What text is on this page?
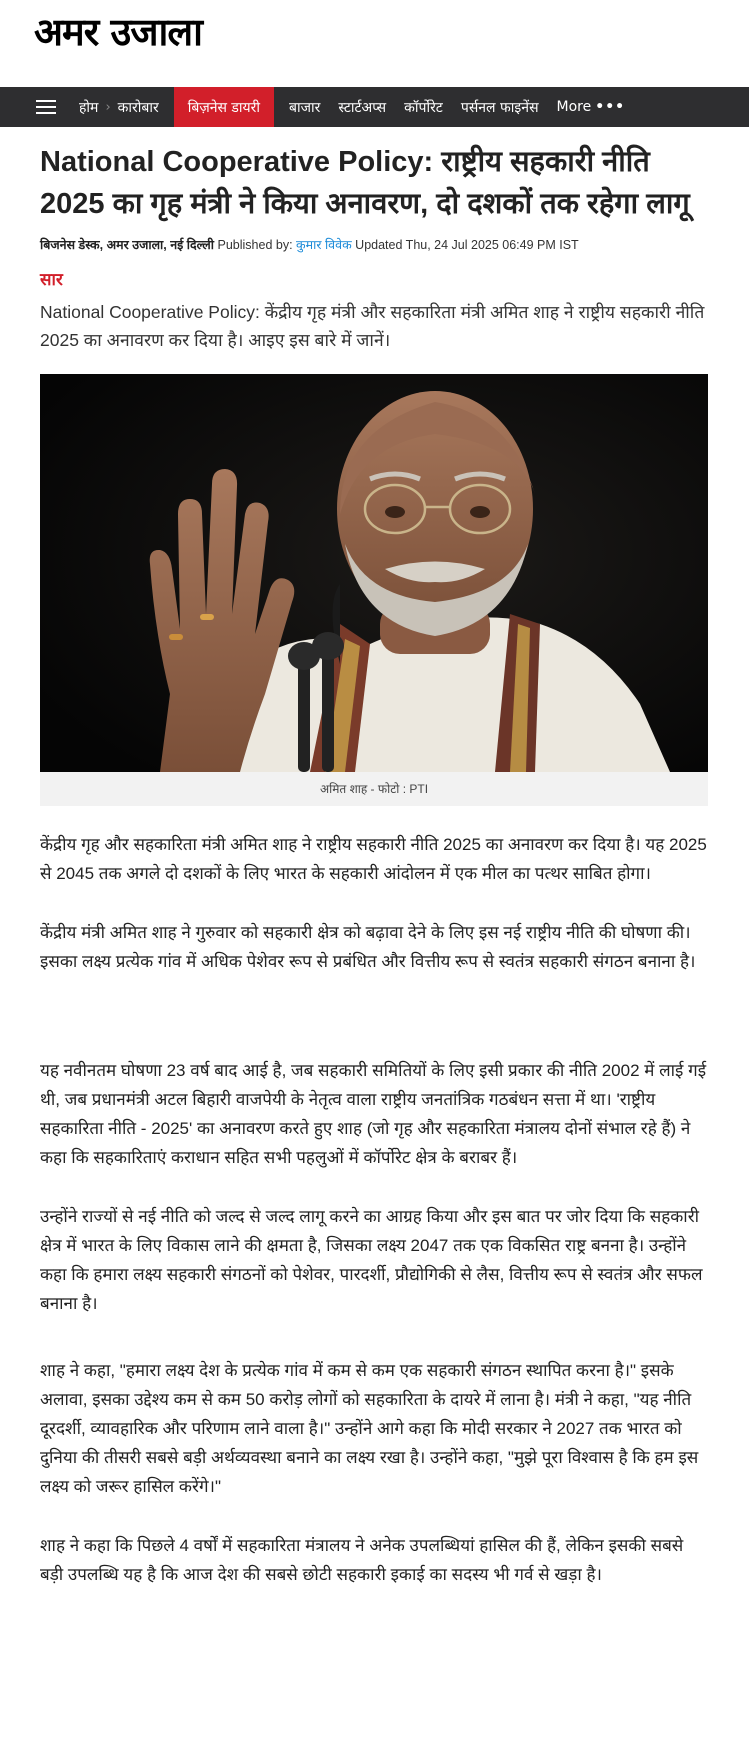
अमर उजाला
होम › कारोबार	बिज़नेस डायरी	बाजार	स्टार्टअप्स	कॉर्पोरेट	पर्सनल फाइनेंस	More •••
National Cooperative Policy: राष्ट्रीय सहकारी नीति 2025 का गृह मंत्री ने किया अनावरण, दो दशकों तक रहेगा लागू
बिजनेस डेस्क, अमर उजाला, नई दिल्ली Published by: कुमार विवेक Updated Thu, 24 Jul 2025 06:49 PM IST
सार
National Cooperative Policy: केंद्रीय गृह मंत्री और सहकारिता मंत्री अमित शाह ने राष्ट्रीय सहकारी नीति 2025 का अनावरण कर दिया है। आइए इस बारे में जानें।
अमित शाह - फोटो : PTI

केंद्रीय गृह और सहकारिता मंत्री अमित शाह ने राष्ट्रीय सहकारी नीति 2025 का अनावरण कर दिया है। यह 2025 से 2045 तक अगले दो दशकों के लिए भारत के सहकारी आंदोलन में एक मील का पत्थर साबित होगा।

केंद्रीय मंत्री अमित शाह ने गुरुवार को सहकारी क्षेत्र को बढ़ावा देने के लिए इस नई राष्ट्रीय नीति की घोषणा की। इसका लक्ष्य प्रत्येक गांव में अधिक पेशेवर रूप से प्रबंधित और वित्तीय रूप से स्वतंत्र सहकारी संगठन बनाना है।

यह नवीनतम घोषणा 23 वर्ष बाद आई है, जब सहकारी समितियों के लिए इसी प्रकार की नीति 2002 में लाई गई थी, जब प्रधानमंत्री अटल बिहारी वाजपेयी के नेतृत्व वाला राष्ट्रीय जनतांत्रिक गठबंधन सत्ता में था। 'राष्ट्रीय सहकारिता नीति - 2025' का अनावरण करते हुए शाह (जो गृह और सहकारिता मंत्रालय दोनों संभाल रहे हैं) ने कहा कि सहकारिताएं कराधान सहित सभी पहलुओं में कॉर्पोरेट क्षेत्र के बराबर हैं।

उन्होंने राज्यों से नई नीति को जल्द से जल्द लागू करने का आग्रह किया और इस बात पर जोर दिया कि सहकारी क्षेत्र में भारत के लिए विकास लाने की क्षमता है, जिसका लक्ष्य 2047 तक एक विकसित राष्ट्र बनना है। उन्होंने कहा कि हमारा लक्ष्य सहकारी संगठनों को पेशेवर, पारदर्शी, प्रौद्योगिकी से लैस, वित्तीय रूप से स्वतंत्र और सफल बनाना है।

शाह ने कहा, "हमारा लक्ष्य देश के प्रत्येक गांव में कम से कम एक सहकारी संगठन स्थापित करना है।" इसके अलावा, इसका उद्देश्य कम से कम 50 करोड़ लोगों को सहकारिता के दायरे में लाना है। मंत्री ने कहा, "यह नीति दूरदर्शी, व्यावहारिक और परिणाम लाने वाला है।" उन्होंने आगे कहा कि मोदी सरकार ने 2027 तक भारत को दुनिया की तीसरी सबसे बड़ी अर्थव्यवस्था बनाने का लक्ष्य रखा है। उन्होंने कहा, "मुझे पूरा विश्वास है कि हम इस लक्ष्य को जरूर हासिल करेंगे।"

शाह ने कहा कि पिछले 4 वर्षों में सहकारिता मंत्रालय ने अनेक उपलब्धियां हासिल की हैं, लेकिन इसकी सबसे बड़ी उपलब्धि यह है कि आज देश की सबसे छोटी सहकारी इकाई का सदस्य भी गर्व से खड़ा है।
